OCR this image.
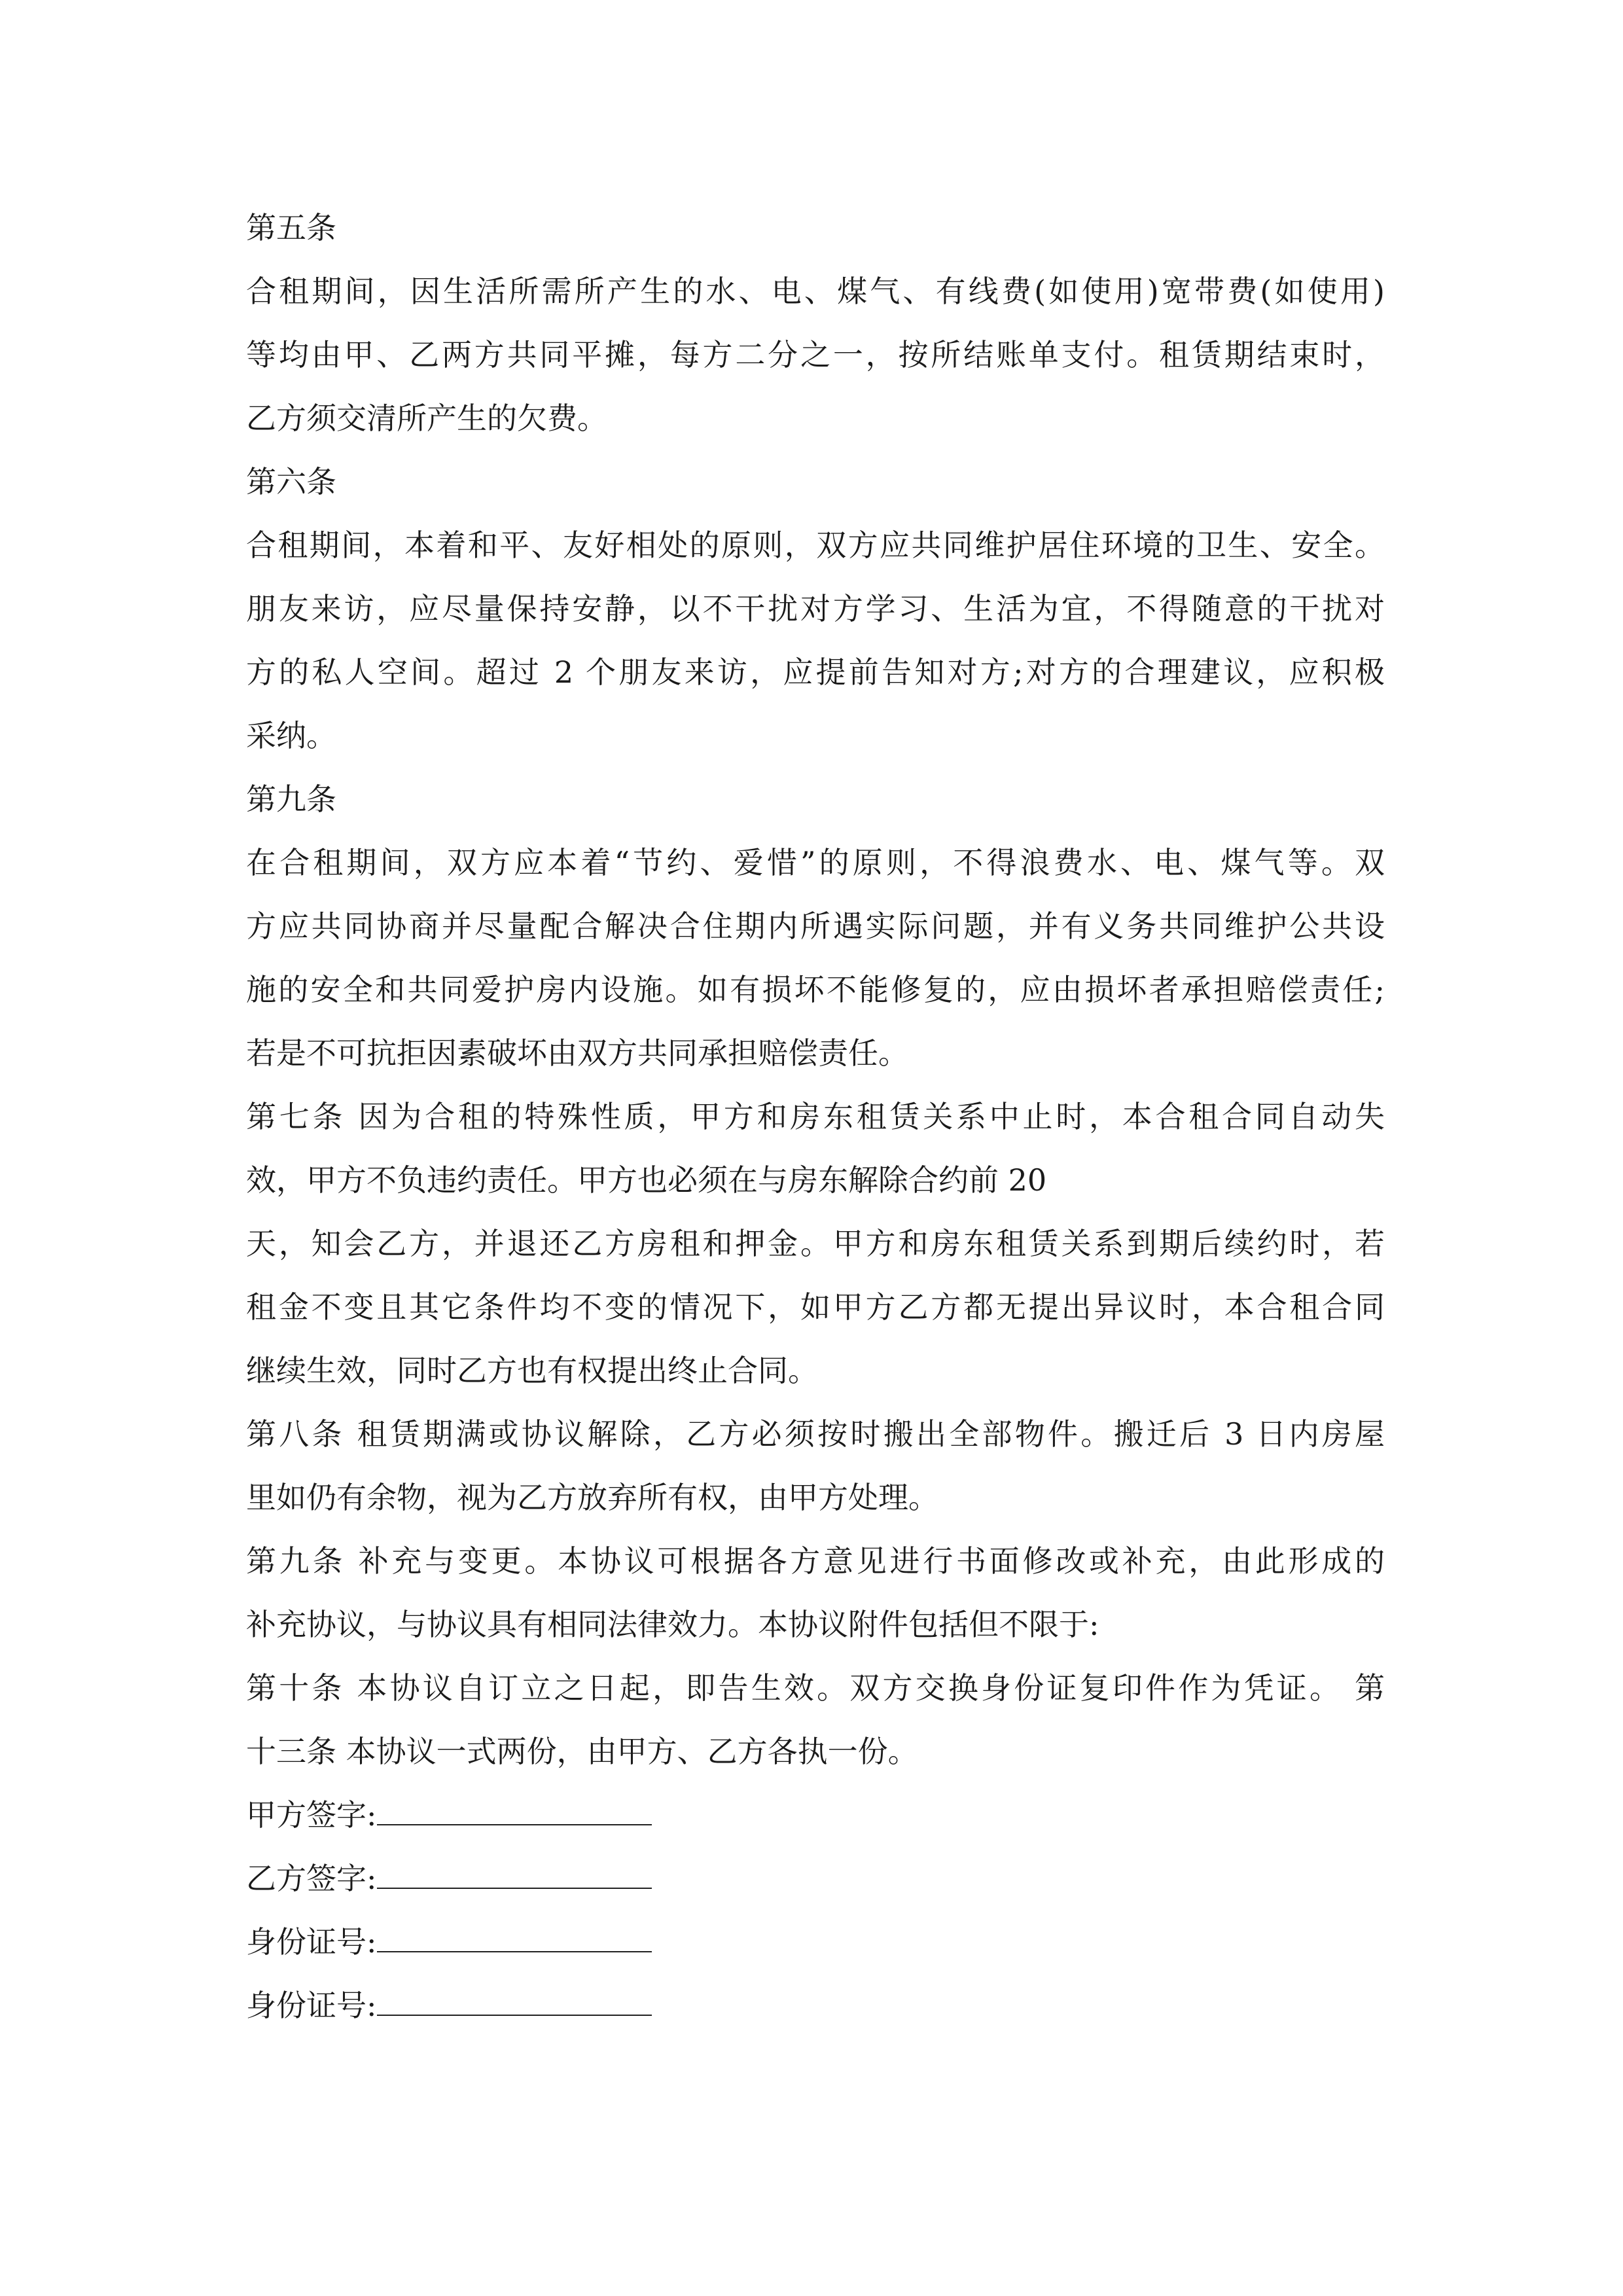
第五条
合租期间，因生活所需所产生的水、电、煤气、有线费(如使用)宽带费(如使用)
等均由甲、乙两方共同平摊，每方二分之一，按所结账单支付。租赁期结束时，
乙方须交清所产生的欠费。
第六条
合租期间，本着和平、友好相处的原则，双方应共同维护居住环境的卫生、安全。
朋友来访，应尽量保持安静，以不干扰对方学习、生活为宜，不得随意的干扰对
方的私人空间。超过 2 个朋友来访，应提前告知对方;对方的合理建议，应积极
采纳。
第九条
在合租期间，双方应本着“节约、爱惜”的原则，不得浪费水、电、煤气等。双
方应共同协商并尽量配合解决合住期内所遇实际问题，并有义务共同维护公共设
施的安全和共同爱护房内设施。如有损坏不能修复的，应由损坏者承担赔偿责任;
若是不可抗拒因素破坏由双方共同承担赔偿责任。
第七条 因为合租的特殊性质，甲方和房东租赁关系中止时，本合租合同自动失
效，甲方不负违约责任。甲方也必须在与房东解除合约前 20
天，知会乙方，并退还乙方房租和押金。甲方和房东租赁关系到期后续约时，若
租金不变且其它条件均不变的情况下，如甲方乙方都无提出异议时，本合租合同
继续生效，同时乙方也有权提出终止合同。
第八条 租赁期满或协议解除，乙方必须按时搬出全部物件。搬迁后 3 日内房屋
里如仍有余物，视为乙方放弃所有权，由甲方处理。
第九条 补充与变更。本协议可根据各方意见进行书面修改或补充，由此形成的
补充协议，与协议具有相同法律效力。本协议附件包括但不限于:
第十条 本协议自订立之日起，即告生效。双方交换身份证复印件作为凭证。 第
十三条 本协议一式两份，由甲方、乙方各执一份。
甲方签字:
乙方签字:
身份证号:
身份证号:
